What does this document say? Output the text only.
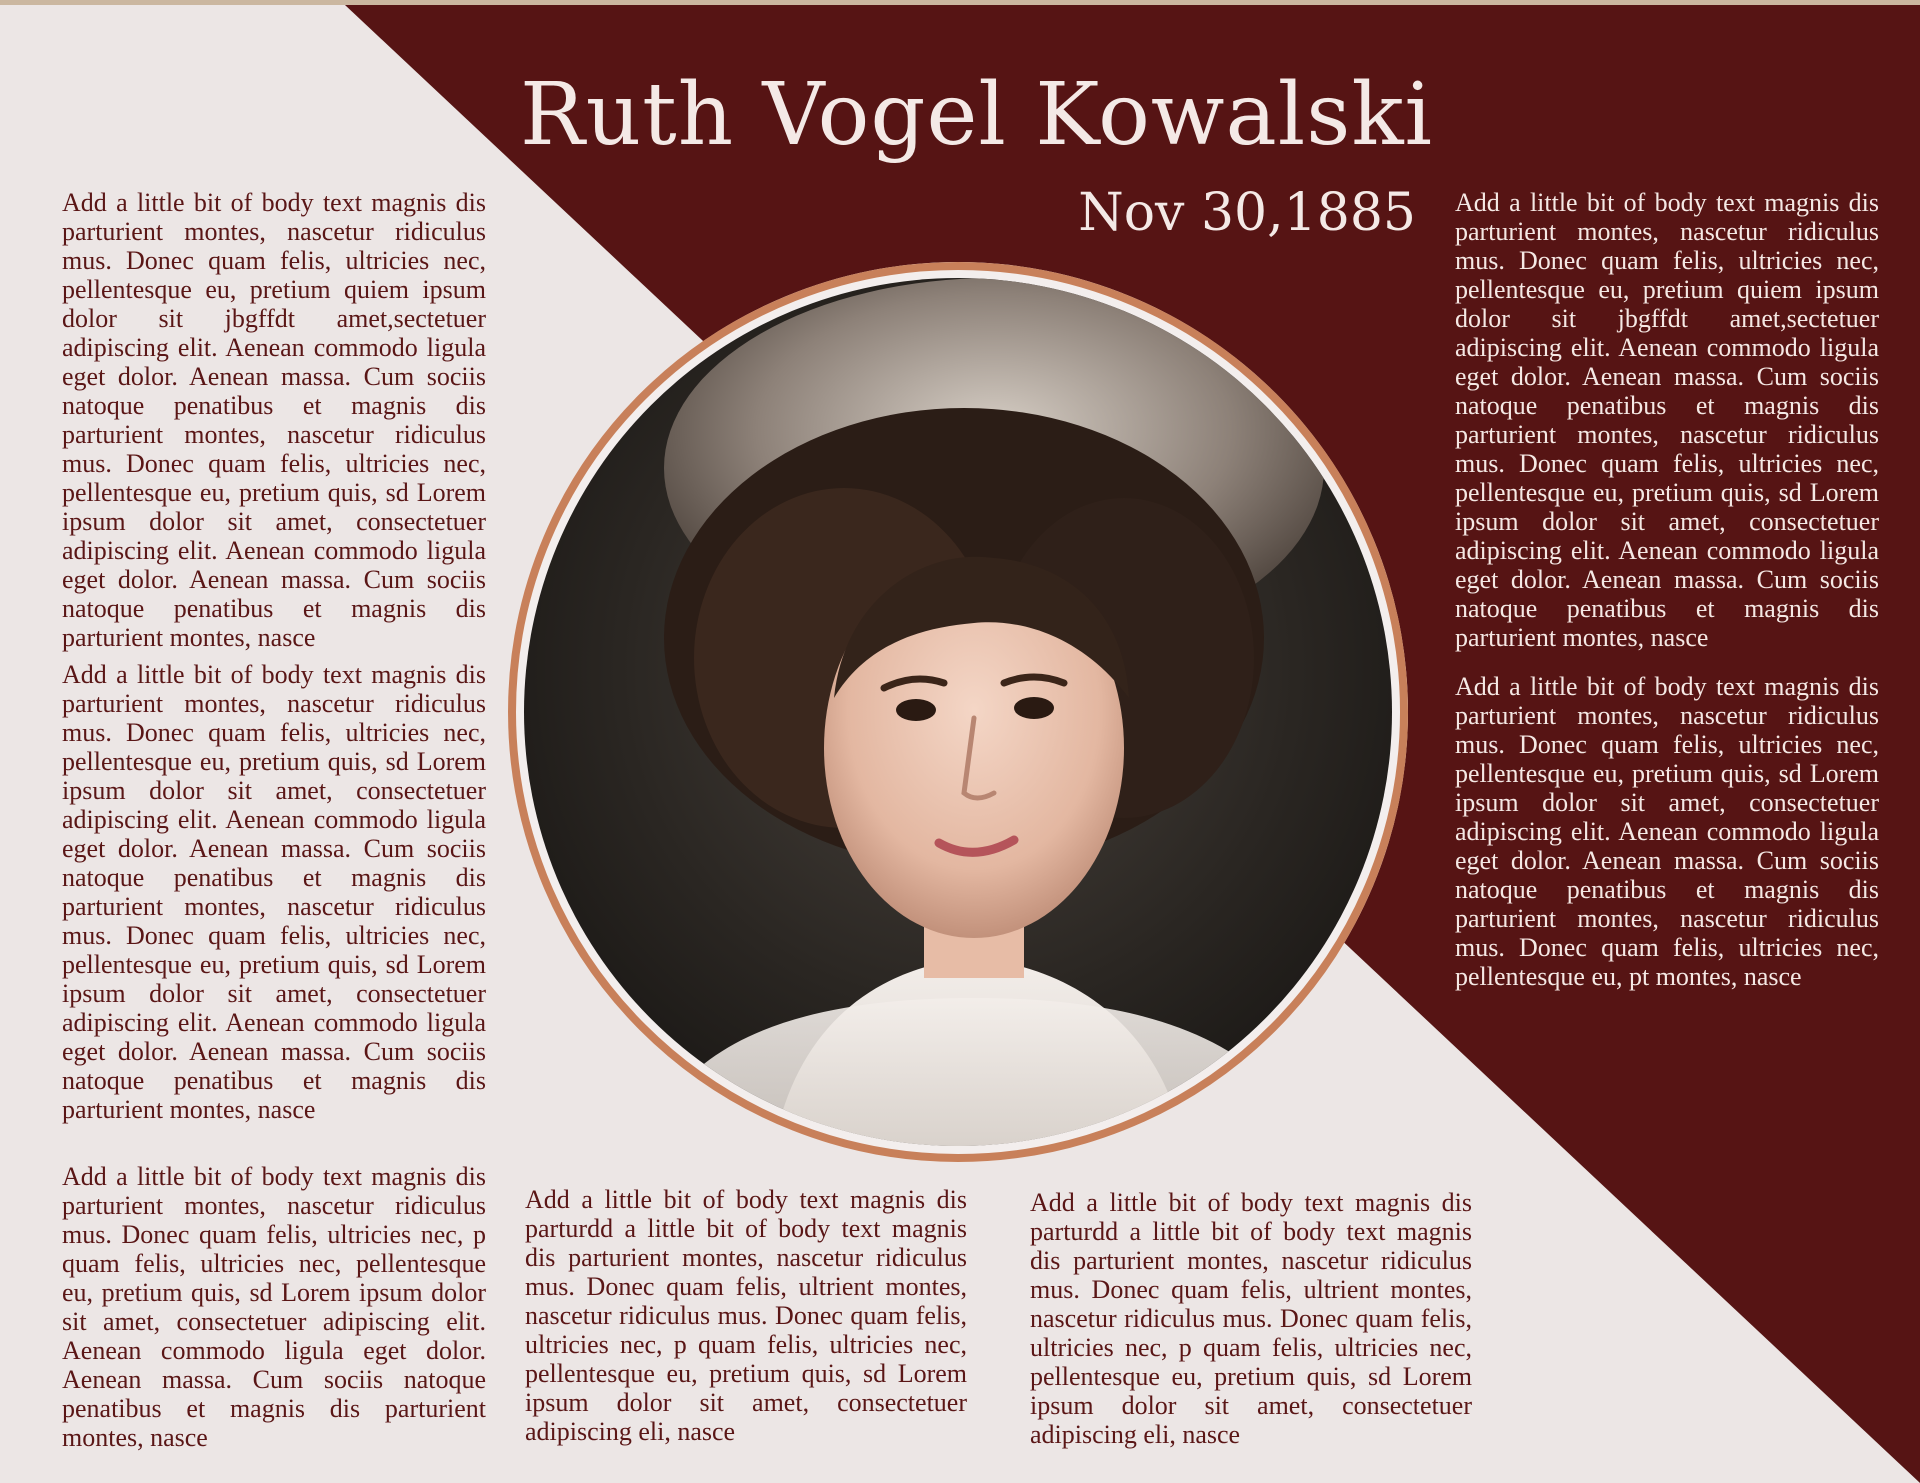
Ruth Vogel Kowalski
Nov 30,1885

Add a little bit of body text magnis dis parturient montes, nascetur ridiculus mus. Donec quam felis, ultricies nec, pellentesque eu, pretium quiem ipsum dolor sit jbgffdt amet,sectetuer adipiscing elit. Aenean commodo ligula eget dolor. Aenean massa. Cum sociis natoque penatibus et magnis dis parturient montes, nascetur ridiculus mus. Donec quam felis, ultricies nec, pellentesque eu, pretium quis, sd Lorem ipsum dolor sit amet, consectetuer adipiscing elit. Aenean commodo ligula eget dolor. Aenean massa. Cum sociis natoque penatibus et magnis dis parturient montes, nasce

Add a little bit of body text magnis dis parturient montes, nascetur ridiculus mus. Donec quam felis, ultricies nec, pellentesque eu, pretium quis, sd Lorem ipsum dolor sit amet, consectetuer adipiscing elit. Aenean commodo ligula eget dolor. Aenean massa. Cum sociis natoque penatibus et magnis dis parturient montes, nascetur ridiculus mus. Donec quam felis, ultricies nec, pellentesque eu, pretium quis, sd Lorem ipsum dolor sit amet, consectetuer adipiscing elit. Aenean commodo ligula eget dolor. Aenean massa. Cum sociis natoque penatibus et magnis dis parturient montes, nasce

Add a little bit of body text magnis dis parturient montes, nascetur ridiculus mus. Donec quam felis, ultricies nec, p quam felis, ultricies nec, pellentesque eu, pretium quis, sd Lorem ipsum dolor sit amet, consectetuer adipiscing elit. Aenean commodo ligula eget dolor. Aenean massa. Cum sociis natoque penatibus et magnis dis parturient montes, nasce

Add a little bit of body text magnis dis parturdd a little bit of body text magnis dis parturient montes, nascetur ridiculus mus. Donec quam felis, ultrient montes, nascetur ridiculus mus. Donec quam felis, ultricies nec, p quam felis, ultricies nec, pellentesque eu, pretium quis, sd Lorem ipsum dolor sit amet, consectetuer adipiscing eli, nasce

Add a little bit of body text magnis dis parturdd a little bit of body text magnis dis parturient montes, nascetur ridiculus mus. Donec quam felis, ultrient montes, nascetur ridiculus mus. Donec quam felis, ultricies nec, p quam felis, ultricies nec, pellentesque eu, pretium quis, sd Lorem ipsum dolor sit amet, consectetuer adipiscing eli, nasce

Add a little bit of body text magnis dis parturient montes, nascetur ridiculus mus. Donec quam felis, ultricies nec, pellentesque eu, pretium quiem ipsum dolor sit jbgffdt amet,sectetuer adipiscing elit. Aenean commodo ligula eget dolor. Aenean massa. Cum sociis natoque penatibus et magnis dis parturient montes, nascetur ridiculus mus. Donec quam felis, ultricies nec, pellentesque eu, pretium quis, sd Lorem ipsum dolor sit amet, consectetuer adipiscing elit. Aenean commodo ligula eget dolor. Aenean massa. Cum sociis natoque penatibus et magnis dis parturient montes, nasce

Add a little bit of body text magnis dis parturient montes, nascetur ridiculus mus. Donec quam felis, ultricies nec, pellentesque eu, pretium quis, sd Lorem ipsum dolor sit amet, consectetuer adipiscing elit. Aenean commodo ligula eget dolor. Aenean massa. Cum sociis natoque penatibus et magnis dis parturient montes, nascetur ridiculus mus. Donec quam felis, ultricies nec, pellentesque eu, pt montes, nasce
